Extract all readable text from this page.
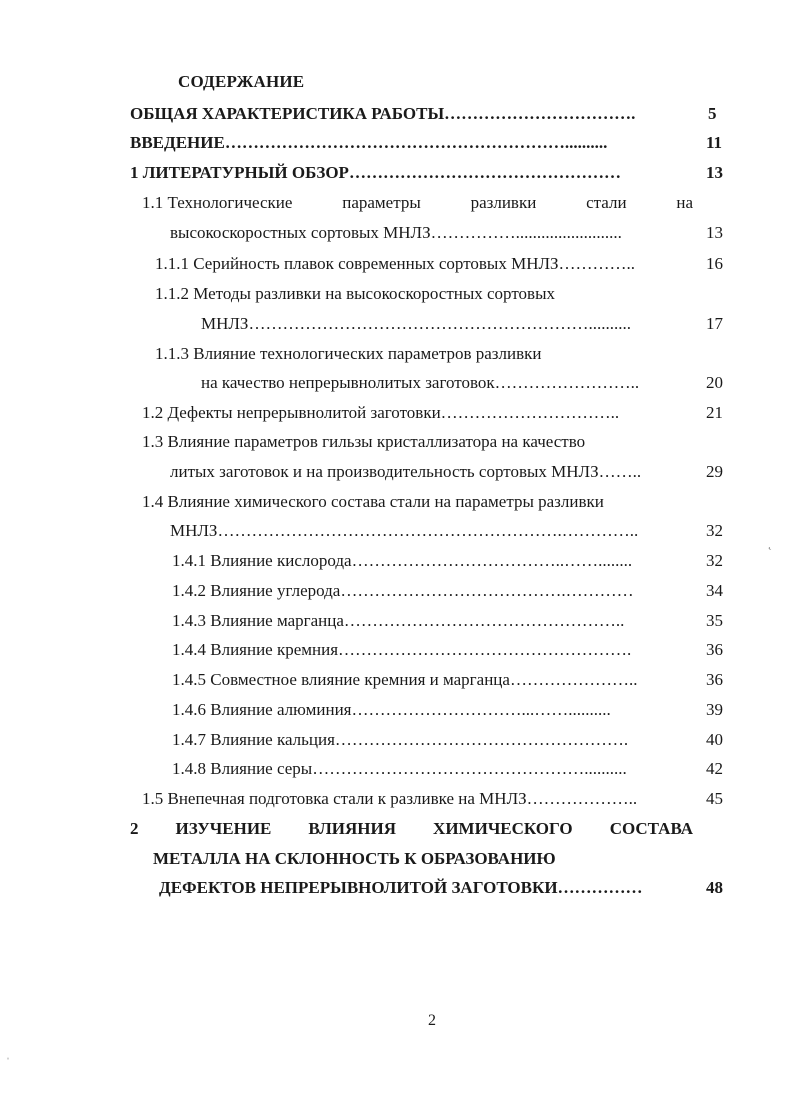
СОДЕРЖАНИЕ
ОБЩАЯ ХАРАКТЕРИСТИКА РАБОТЫ…………………………….	5
ВВЕДЕНИЕ……………………………………………………..........	11
1 ЛИТЕРАТУРНЫЙ ОБЗОР…………………………………………	13
1.1 Технологические	параметры	разливки	стали	на
высокоскоростных сортовых МНЛЗ…………….........................	13
1.1.1 Серийность плавок современных сортовых МНЛЗ…………..	16
1.1.2 Методы разливки на высокоскоростных сортовых
МНЛЗ……………………………………………………..........	17
1.1.3 Влияние технологических параметров разливки
на качество непрерывнолитых заготовок……………………..	20
1.2 Дефекты непрерывнолитой заготовки…………………………..	21
1.3 Влияние параметров гильзы кристаллизатора на качество
литых заготовок и на производительность сортовых МНЛЗ……..	29
1.4 Влияние химического состава стали на параметры разливки
МНЛЗ…………………………………………………….…………..	32
1.4.1 Влияние кислорода………………………………..……........	32
1.4.2 Влияние углерода………………………………….…………	34
1.4.3 Влияние марганца…………………………………………..	35
1.4.4 Влияние кремния…………………………………………….	36
1.4.5 Совместное влияние кремния и марганца…………………..	36
1.4.6 Влияние алюминия…………………………...……..........	39
1.4.7 Влияние кальция…………………………………………….	40
1.4.8 Влияние серы…………………………………………..........	42
1.5 Внепечная подготовка стали к разливке на МНЛЗ………………..	45
2 ИЗУЧЕНИЕ ВЛИЯНИЯ ХИМИЧЕСКОГО СОСТАВА
МЕТАЛЛА НА СКЛОННОСТЬ К ОБРАЗОВАНИЮ
ДЕФЕКТОВ НЕПРЕРЫВНОЛИТОЙ ЗАГОТОВКИ……………	48
2
˛
ˌ
